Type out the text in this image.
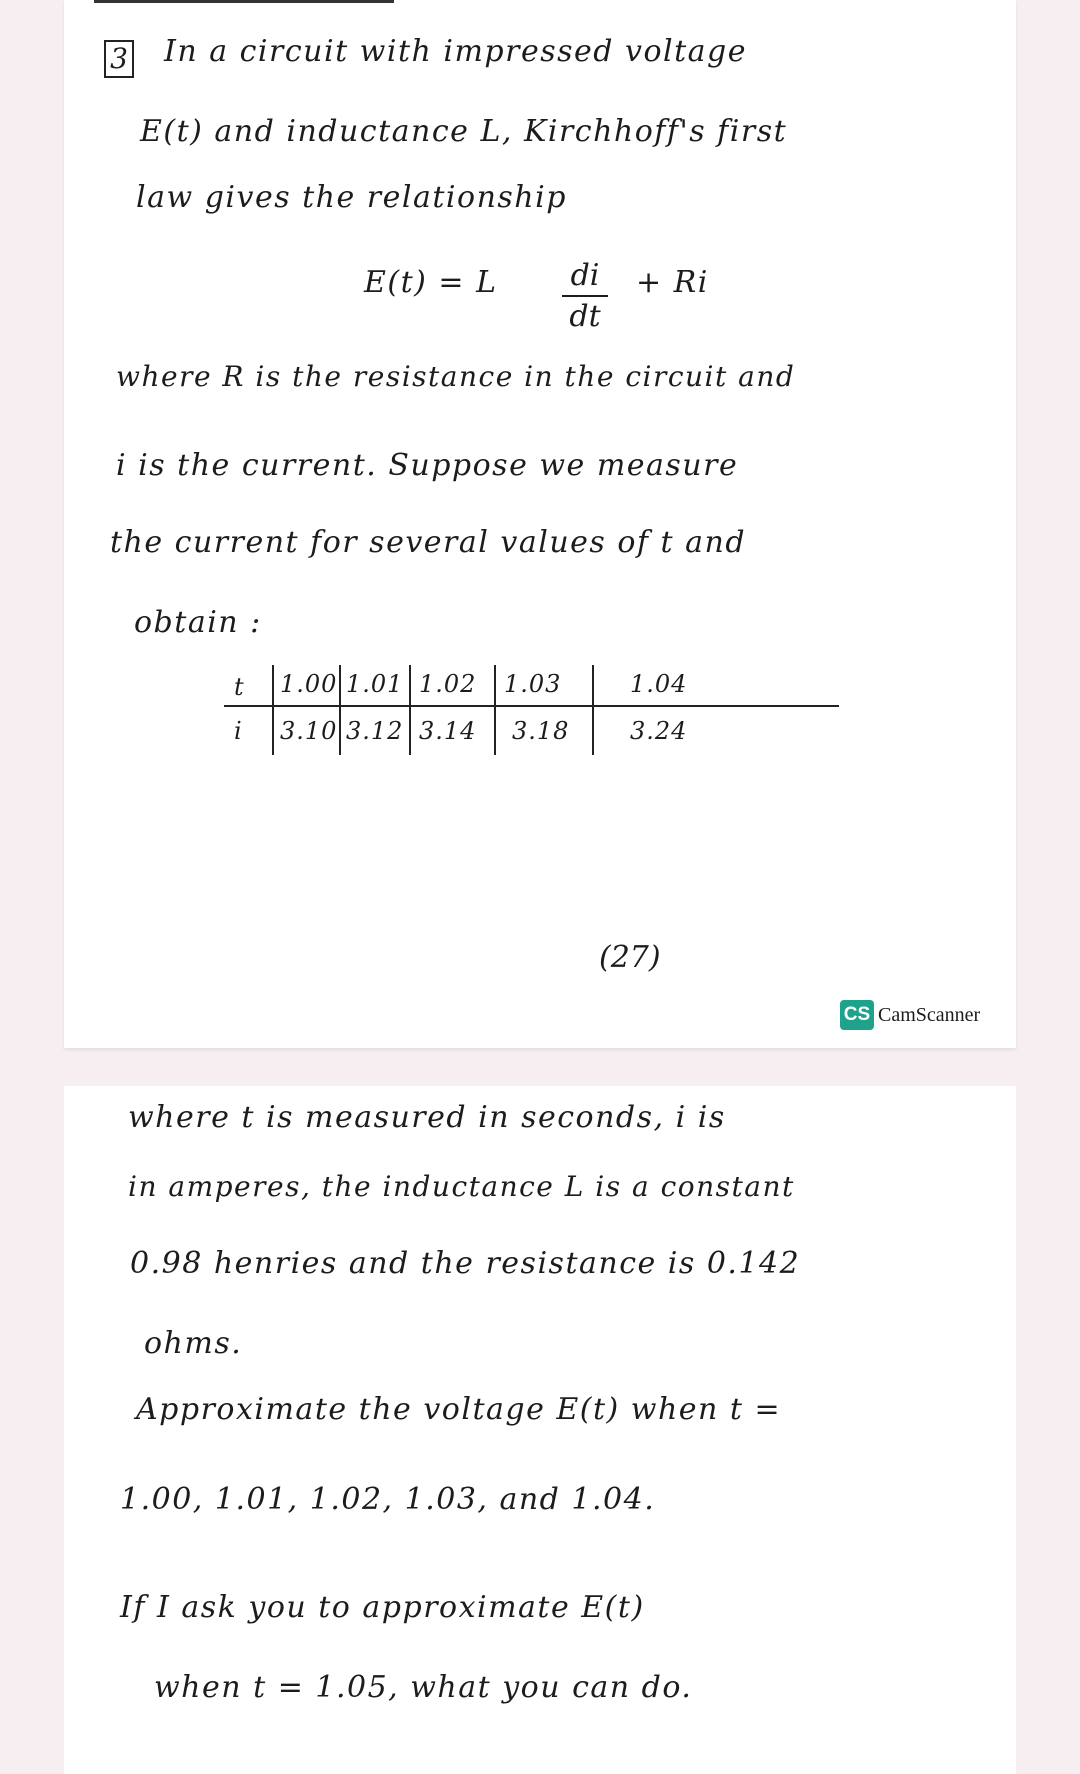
3 In a circuit with impressed voltage

E(t) and inductance L, Kirchhoff's first

law gives the relationship

E(t) = L di
dt
+ Ri

where R is the resistance in the circuit and

i is the current. Suppose we measure

the current for several values of t and

obtain :

t
i
1.00 1.01 1.02 1.03	1.04
3.10 3.12 3.14 3.18	3.24
(27)
CS CamScanner

where t is measured in seconds, i is

in amperes, the inductance L is a constant

0.98 henries and the resistance is 0.142

ohms.

Approximate the voltage E(t) when t =

1.00, 1.01, 1.02, 1.03, and 1.04.

If I ask you to approximate E(t)

when t = 1.05, what you can do.
